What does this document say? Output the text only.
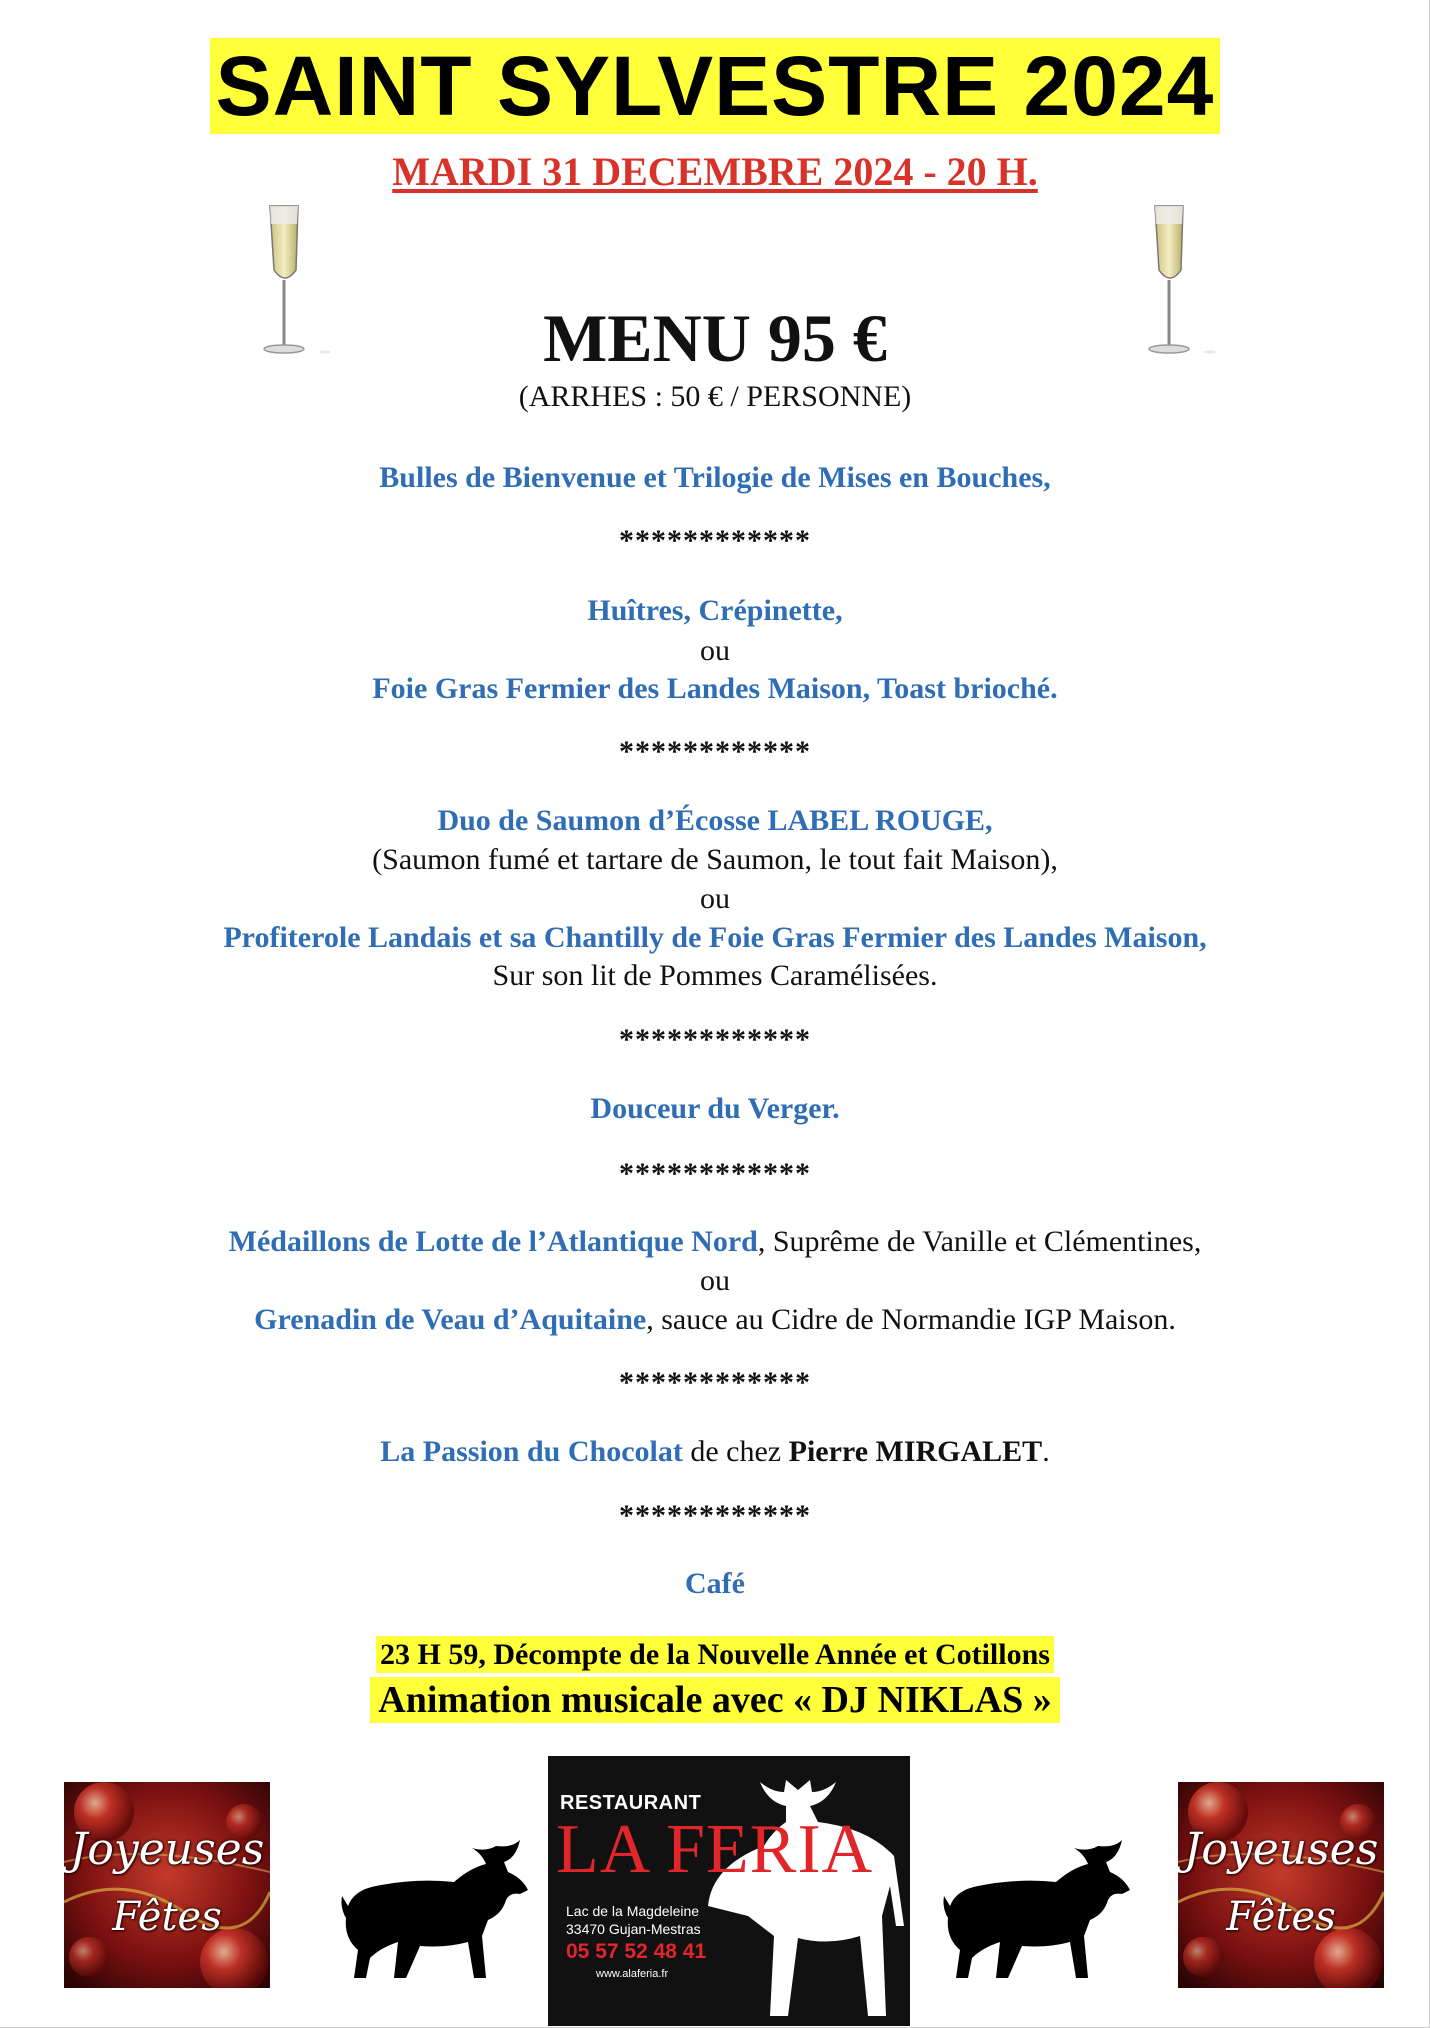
SAINT SYLVESTRE 2024
MARDI 31 DECEMBRE 2024 - 20 H.
MENU 95 €
(ARRHES : 50 € / PERSONNE)
Bulles de Bienvenue et Trilogie de Mises en Bouches,
************
Huîtres, Crépinette,
ou
Foie Gras Fermier des Landes Maison, Toast brioché.
************
Duo de Saumon d’Écosse LABEL ROUGE,
(Saumon fumé et tartare de Saumon, le tout fait Maison),
ou
Profiterole Landais et sa Chantilly de Foie Gras Fermier des Landes Maison,
Sur son lit de Pommes Caramélisées.
************
Douceur du Verger.
************
Médaillons de Lotte de l’Atlantique Nord, Suprême de Vanille et Clémentines,
ou
Grenadin de Veau d’Aquitaine, sauce au Cidre de Normandie IGP Maison.
************
La Passion du Chocolat de chez Pierre MIRGALET.
************
Café
23 H 59, Décompte de la Nouvelle Année et Cotillons
Animation musicale avec « DJ NIKLAS »
Joyeuses
Fêtes
Joyeuses
Fêtes
RESTAURANT
LA FERIA
Lac de la Magdeleine
33470 Gujan-Mestras
05 57 52 48 41
www.alaferia.fr
